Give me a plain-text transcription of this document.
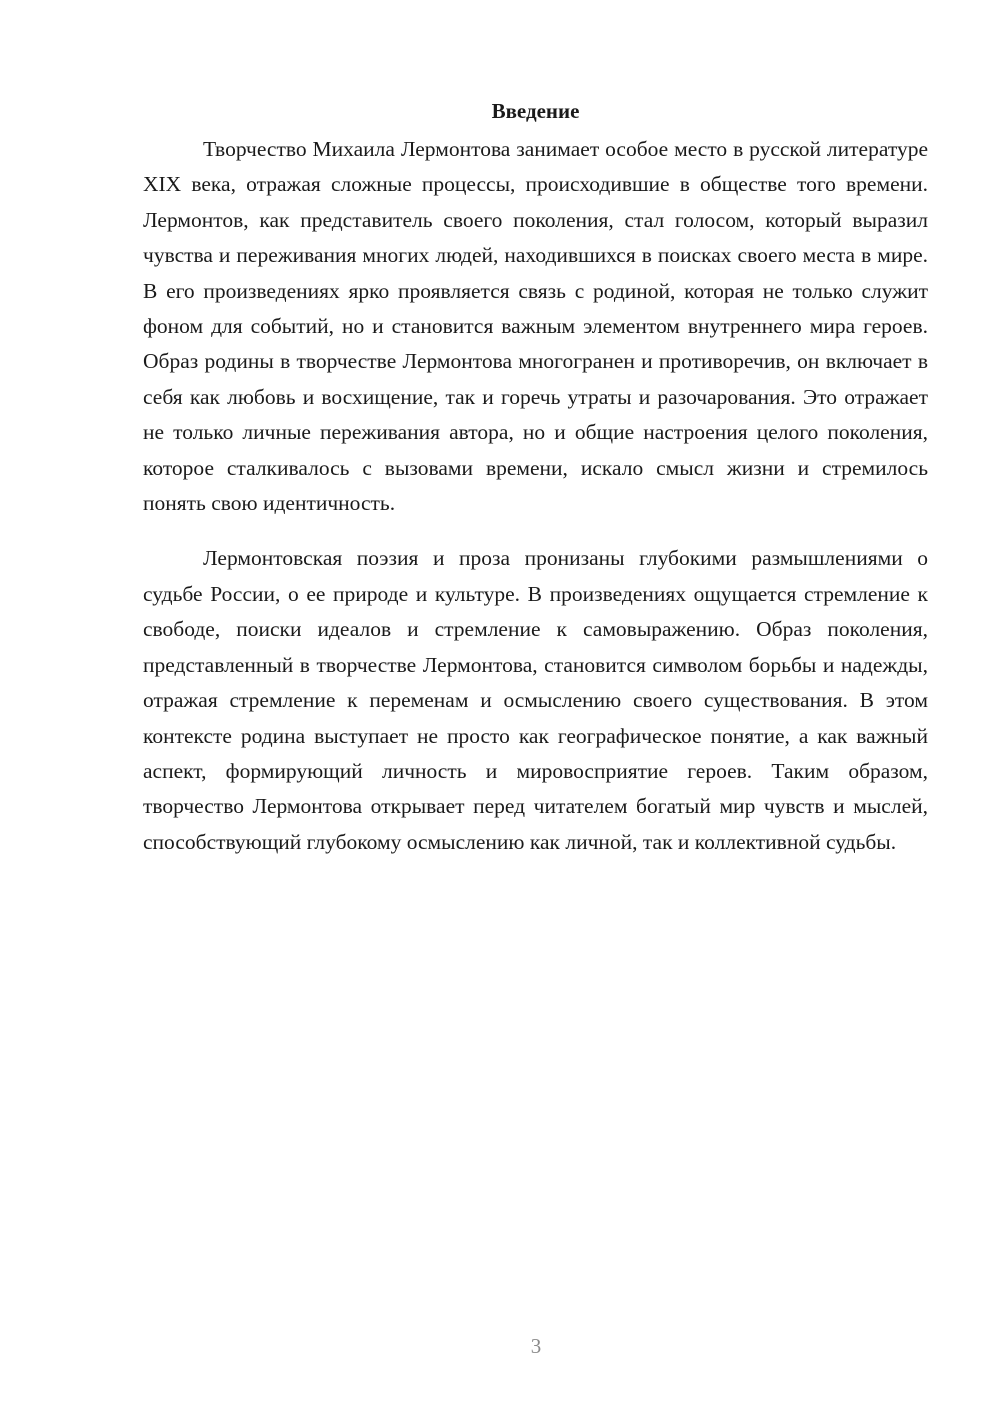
Введение

Творчество Михаила Лермонтова занимает особое место в русской литературе XIX века, отражая сложные процессы, происходившие в обществе того времени. Лермонтов, как представитель своего поколения, стал голосом, который выразил чувства и переживания многих людей, находившихся в поисках своего места в мире. В его произведениях ярко проявляется связь с родиной, которая не только служит фоном для событий, но и становится важным элементом внутреннего мира героев. Образ родины в творчестве Лермонтова многогранен и противоречив, он включает в себя как любовь и восхищение, так и горечь утраты и разочарования. Это отражает не только личные переживания автора, но и общие настроения целого поколения, которое сталкивалось с вызовами времени, искало смысл жизни и стремилось понять свою идентичность.

Лермонтовская поэзия и проза пронизаны глубокими размышлениями о судьбе России, о ее природе и культуре. В произведениях ощущается стремление к свободе, поиски идеалов и стремление к самовыражению. Образ поколения, представленный в творчестве Лермонтова, становится символом борьбы и надежды, отражая стремление к переменам и осмыслению своего существования. В этом контексте родина выступает не просто как географическое понятие, а как важный аспект, формирующий личность и мировосприятие героев. Таким образом, творчество Лермонтова открывает перед читателем богатый мир чувств и мыслей, способствующий глубокому осмыслению как личной, так и коллективной судьбы.

3
